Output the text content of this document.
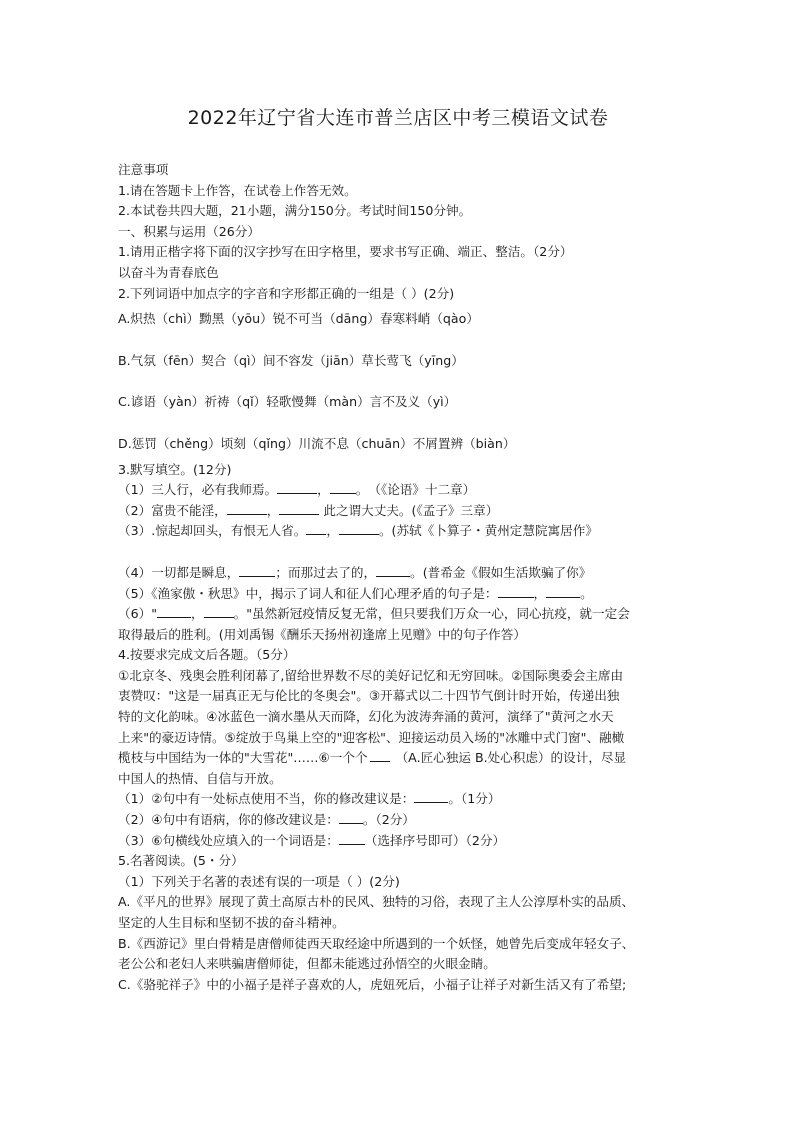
2022年辽宁省大连市普兰店区中考三模语文试卷

注意事项

1.请在答题卡上作答，在试卷上作答无效。

2.本试卷共四大题，21小题，满分150分。考试时间150分钟。

一、积累与运用（26分）

1.请用正楷字将下面的汉字抄写在田字格里，要求书写正确、端正、整洁。（2分）

以奋斗为青春底色

2.下列词语中加点字的字音和字形都正确的一组是（ ）(2分)

A.炽热（chì）黝黑（yōu）锐不可当（dāng）春寒料峭（qào）

B.气氛（fēn）契合（qì）间不容发（jiān）草长莺飞（yīng）

C.谚语（yàn）祈祷（qǐ）轻歌慢舞（màn）言不及义（yì）

D.惩罚（chěng）顷刻（qǐng）川流不息（chuān）不屑置辨（biàn）

3.默写填空。(12分)

（1）三人行，必有我师焉。	， 。　（《论语》十二章）

（2）富贵不能淫，	，	此之谓大丈夫。(《孟子》三章）

（3）.惊起却回头，有恨无人省。 ，	。(苏轼《卜算子・黄州定慧院寓居作》

（4）一切都是瞬息，	；而那过去了的，	。(普希金《假如生活欺骗了你》

（5）《渔家傲・秋思》中，揭示了词人和征人们心理矛盾的句子是：	，	。

（6）"	， 。"虽然新冠疫情反复无常，但只要我们万众一心，同心抗疫，就一定会

取得最后的胜利。(用刘禹锡《酬乐天扬州初逢席上见赠》中的句子作答）

4.按要求完成文后各题。（5分）

①北京冬、残奥会胜利闭幕了,留给世界数不尽的美好记忆和无穷回味。②国际奥委会主席由

衷赞叹："这是一届真正无与伦比的冬奥会"。③开幕式以二十四节气倒计时开始，传递出独

特的文化韵味。④冰蓝色一滴水墨从天而降，幻化为波涛奔涌的黄河，演绎了"黄河之水天

上来"的豪迈诗情。⑤绽放于鸟巢上空的"迎客松"、迎接运动员入场的"冰雕中式门窗"、融橄

榄枝与中国结为一体的"大雪花"……⑥一个个 （A.匠心独运 B.处心积虑）的设计，尽显

中国人的热情、自信与开放。

（1）②句中有一处标点使用不当，你的修改建议是：	。（1分）

（2）④句中有语病，你的修改建议是： 。（2分）

（3）⑥句横线处应填入的一个词语是： （选择序号即可）（2分）

5.名著阅读。(5・分）

（1）下列关于名著的表述有误的一项是（ ）(2分)

A.《平凡的世界》展现了黄土高原古朴的民风、独特的习俗，表现了主人公淳厚朴实的品质、

坚定的人生目标和坚韧不拔的奋斗精神。

B.《西游记》里白骨精是唐僧师徒西天取经途中所遇到的一个妖怪，她曾先后变成年轻女子、

老公公和老妇人来哄骗唐僧师徒，但都未能逃过孙悟空的火眼金睛。

C.《骆驼祥子》中的小福子是祥子喜欢的人，虎妞死后，小福子让祥子对新生活又有了希望;
